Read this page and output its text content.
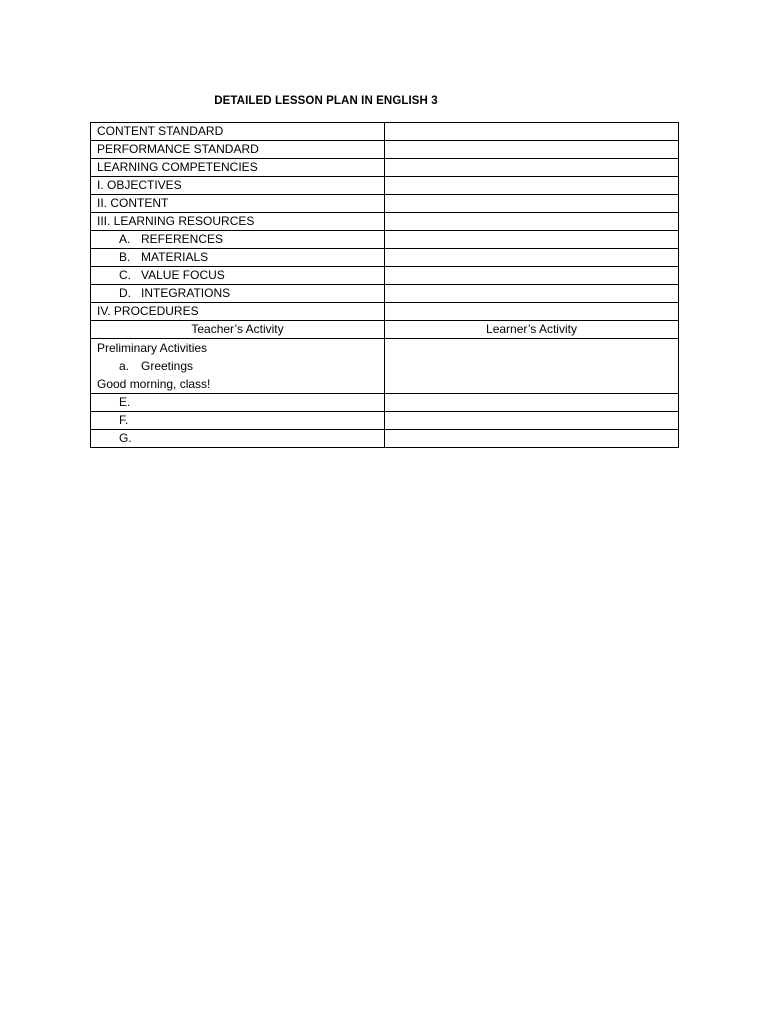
DETAILED LESSON PLAN IN ENGLISH 3
CONTENT STANDARD	
PERFORMANCE STANDARD	
LEARNING COMPETENCIES	
I. OBJECTIVES	
II. CONTENT	
III. LEARNING RESOURCES	
A. REFERENCES	
B. MATERIALS	
C. VALUE FOCUS	
D. INTEGRATIONS	
IV. PROCEDURES	
Teacher’s Activity	Learner’s Activity

Preliminary Activities
a. Greetings
Good morning, class!	

E.	
F.	
G.	
